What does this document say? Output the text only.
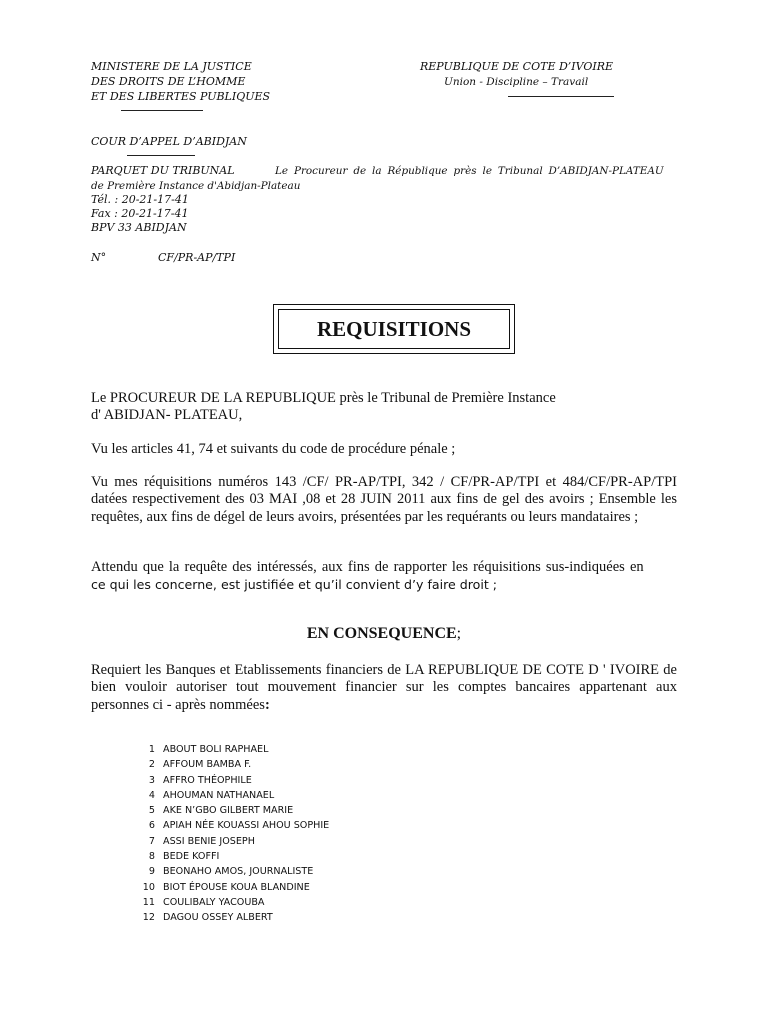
MINISTERE DE LA JUSTICE

DES DROITS DE L’HOMME

ET DES LIBERTES PUBLIQUES

REPUBLIQUE DE COTE D’IVOIRE

Union - Discipline – Travail

COUR D’APPEL D’ABIDJAN

PARQUET DU TRIBUNAL	Le Procureur de la République près le Tribunal D’ABIDJAN-PLATEAU

de Première Instance d'Abidjan-Plateau

Tél. : 20-21-17-41

Fax : 20-21-17-41

BPV 33 ABIDJAN

N°	CF/PR-AP/TPI

REQUISITIONS

Le PROCUREUR DE LA REPUBLIQUE près le Tribunal de Première Instance

d' ABIDJAN- PLATEAU,

Vu les articles 41, 74 et suivants du code de procédure pénale ;

Vu mes réquisitions numéros 143 /CF/ PR-AP/TPI, 342 / CF/PR-AP/TPI et 484/CF/PR-AP/TPI datées respectivement des 03 MAI ,08 et 28 JUIN 2011 aux fins de gel des avoirs ; Ensemble les requêtes, aux fins de dégel de leurs avoirs, présentées par les requérants ou leurs mandataires ;

Attendu que la requête des intéressés, aux fins de rapporter les réquisitions sus-indiquées en

ce qui les concerne, est justifiée et qu’il convient d’y faire droit ;

EN CONSEQUENCE;

Requiert les Banques et Etablissements financiers de LA REPUBLIQUE DE COTE D ' IVOIRE de bien vouloir autoriser tout mouvement financier sur les comptes bancaires appartenant aux personnes ci - après nommées:

1 ABOUT BOLI RAPHAEL
2 AFFOUM BAMBA F.
3 AFFRO THÉOPHILE
4 AHOUMAN NATHANAEL
5 AKE N’GBO GILBERT MARIE
6 APIAH NÉE KOUASSI AHOU SOPHIE
7 ASSI BENIE JOSEPH
8 BEDE KOFFI
9 BEONAHO AMOS, JOURNALISTE
10 BIOT ÉPOUSE KOUA BLANDINE
11 COULIBALY YACOUBA
12 DAGOU OSSEY ALBERT
